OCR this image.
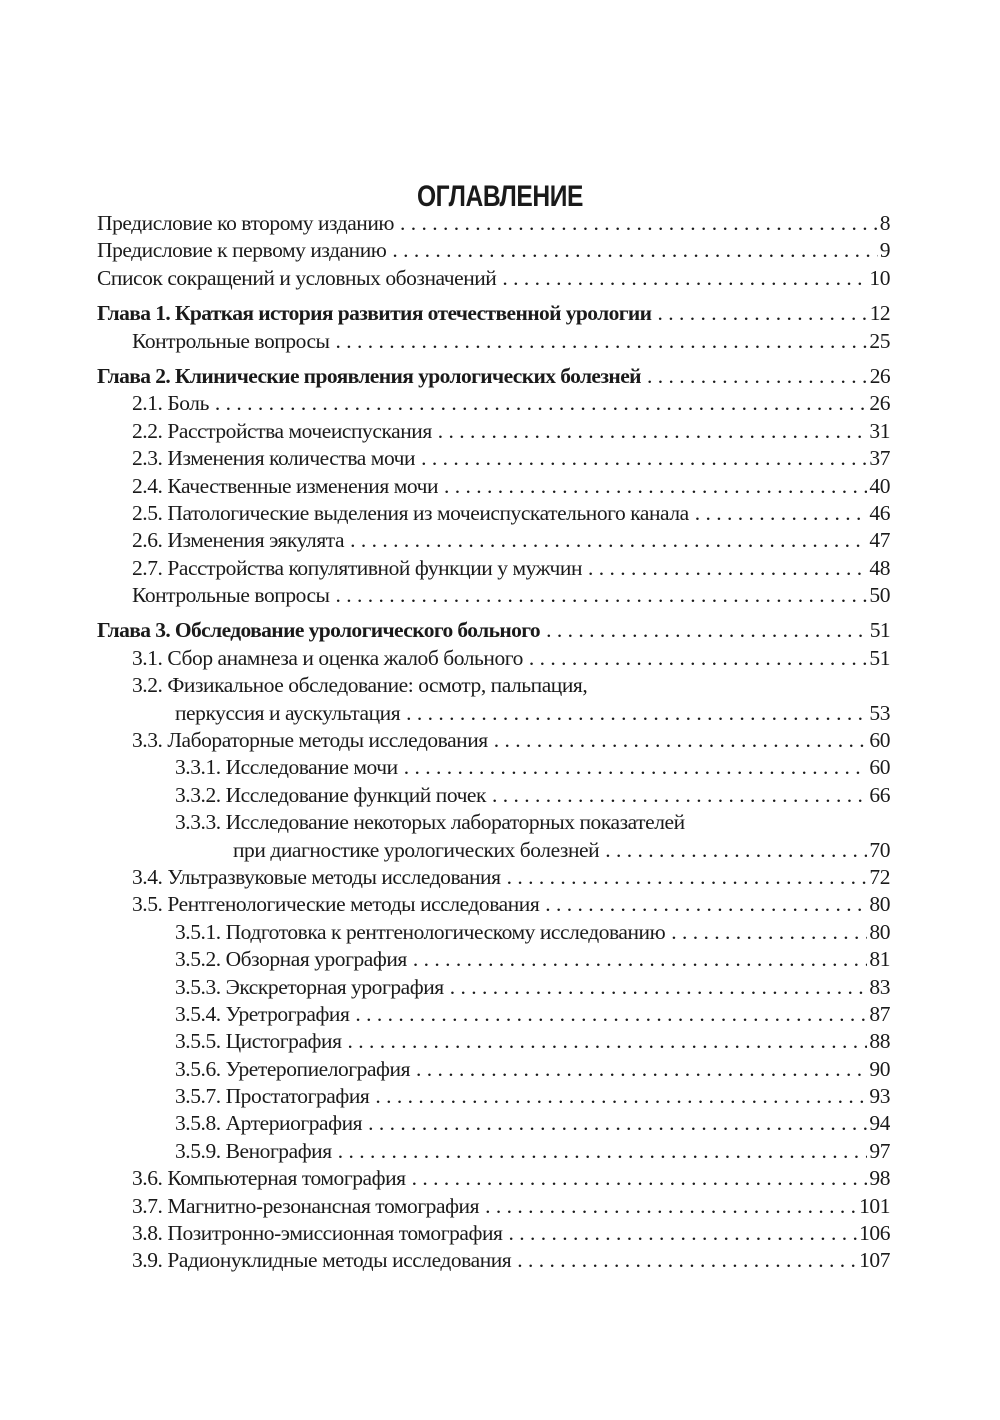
ОГЛАВЛЕНИЕ
Предисловие ко второму изданию . . .	8
Предисловие к первому изданию . . .	9
Список сокращений и условных обозначений . . .	10
Глава 1. Краткая история развития отечественной урологии . . .	12
Контрольные вопросы . . .	25
Глава 2. Клинические проявления урологических болезней . . .	26
2.1. Боль . . .	26
2.2. Расстройства мочеиспускания . . .	31
2.3. Изменения количества мочи . . .	37
2.4. Качественные изменения мочи . . .	40
2.5. Патологические выделения из мочеиспускательного канала . . .	46
2.6. Изменения эякулята . . .	47
2.7. Расстройства копулятивной функции у мужчин . . .	48
Контрольные вопросы . . .	50
Глава 3. Обследование урологического больного . . .	51
3.1. Сбор анамнеза и оценка жалоб больного . . .	51
3.2. Физикальное обследование: осмотр, пальпация,
перкуссия и аускультация . . .	53
3.3. Лабораторные методы исследования . . .	60
3.3.1. Исследование мочи . . .	60
3.3.2. Исследование функций почек . . .	66
3.3.3. Исследование некоторых лабораторных показателей
при диагностике урологических болезней . . .	70
3.4. Ультразвуковые методы исследования . . .	72
3.5. Рентгенологические методы исследования . . .	80
3.5.1. Подготовка к рентгенологическому исследованию . . .	80
3.5.2. Обзорная урография . . .	81
3.5.3. Экскреторная урография . . .	83
3.5.4. Уретрография . . .	87
3.5.5. Цистография . . .	88
3.5.6. Уретеропиелография . . .	90
3.5.7. Простатография . . .	93
3.5.8. Артериография . . .	94
3.5.9. Венография . . .	97
3.6. Компьютерная томография . . .	98
3.7. Магнитно-резонансная томография . . .	101
3.8. Позитронно-эмиссионная томография . . .	106
3.9. Радионуклидные методы исследования . . .	107
